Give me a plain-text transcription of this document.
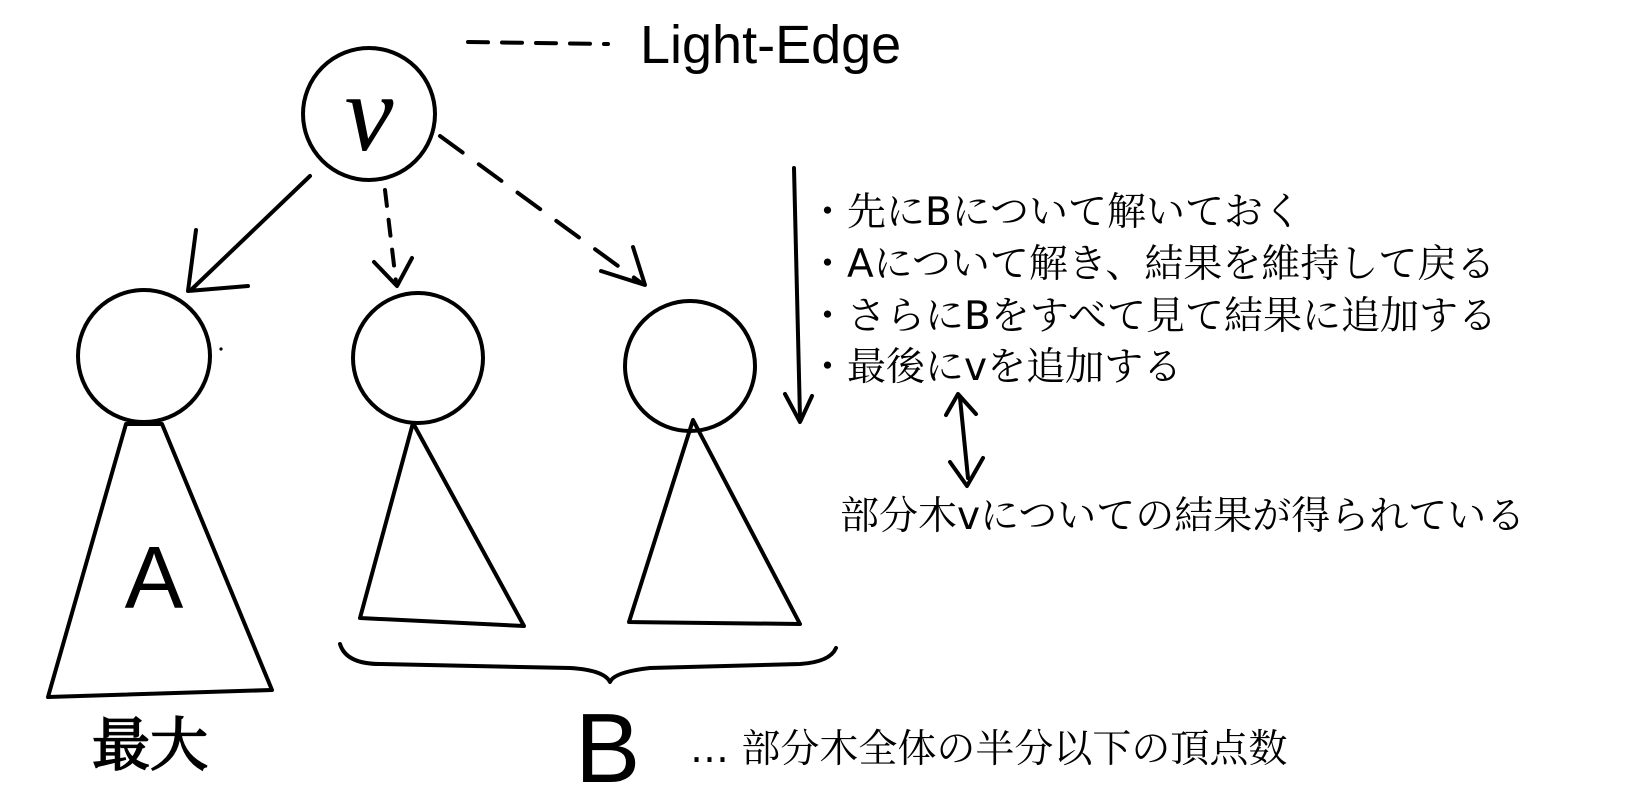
v
A
B
Light-Edge
・先にBについて解いておく
・Aについて解き、結果を維持して戻る
・さらにBをすべて見て結果に追加する
・最後にvを追加する
部分木vについての結果が得られている
最大	… 部分木全体の半分以下の頂点数
